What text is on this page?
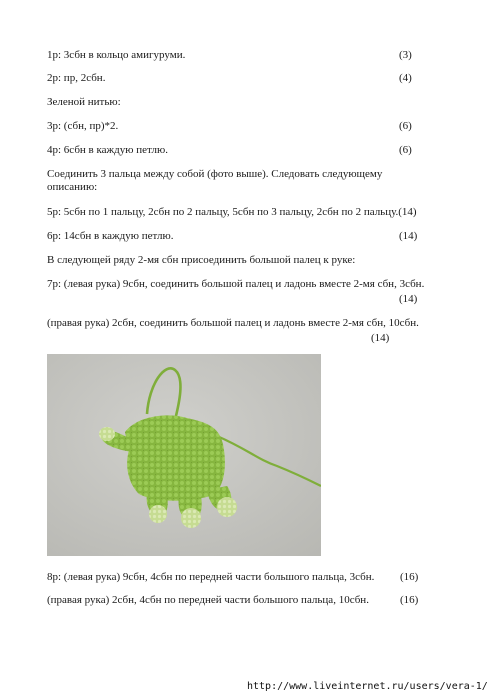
1р: 3сбн в кольцо амигуруми.	(3)
2р: пр, 2сбн.	(4)
Зеленой нитью:
3р: (сбн, пр)*2.	(6)
4р: 6сбн в каждую петлю.	(6)
Соединить 3 пальца между собой (фото выше). Следовать следующему
описанию:
5р: 5сбн по 1 пальцу, 2сбн по 2 пальцу, 5сбн по 3 пальцу, 2сбн по 2 пальцу.(14)
6р: 14сбн в каждую петлю.	(14)
В следующей ряду 2-мя сбн присоединить большой палец к руке:
7р: (левая рука) 9сбн, соединить большой палец и ладонь вместе 2-мя сбн, 3сбн.
(14)
(правая рука) 2сбн, соединить большой палец и ладонь вместе 2-мя сбн, 10сбн.
(14)
8р: (левая рука) 9сбн, 4сбн по передней части большого пальца, 3сбн. (16)
(правая рука) 2сбн, 4сбн по передней части большого пальца, 10сбн.	(16)
http://www.liveinternet.ru/users/vera-1/
